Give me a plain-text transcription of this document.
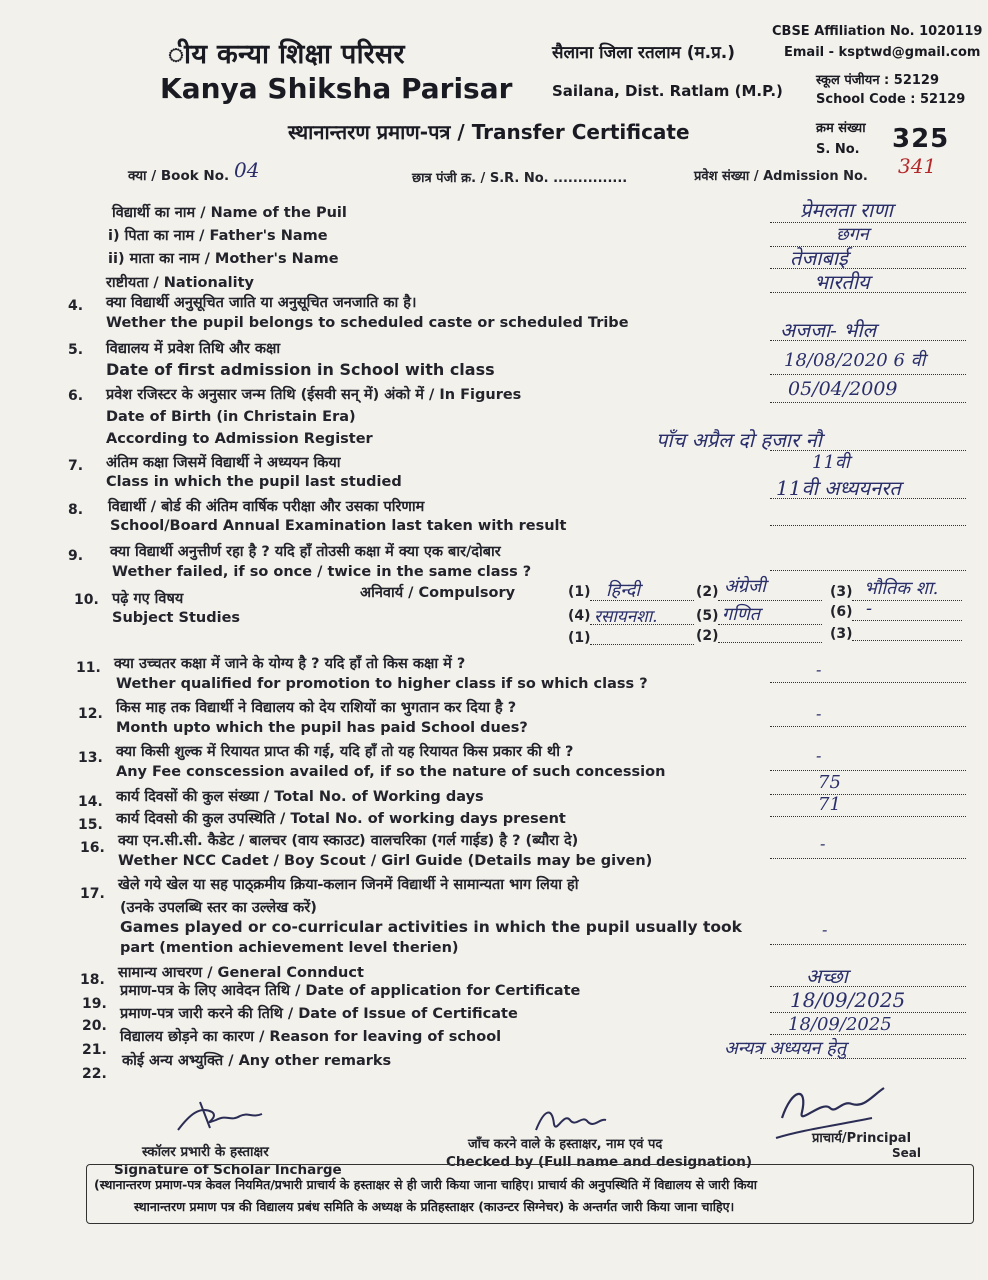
ीय कन्या शिक्षा परिसर	सैलाना जिला रतलाम (म.प्र.)
Kanya Shiksha Parisar	Sailana, Dist. Ratlam (M.P.)
CBSE Affiliation No. 1020119
Email - ksptwd@gmail.com
स्कूल पंजीयन : 52129
School Code : 52129
स्थानान्तरण प्रमाण-पत्र / Transfer Certificate	क्रम संख्या
S. No. 325
क्या / Book No. 04	छात्र पंजी क्र. / S.R. No. ...............	प्रवेश संख्या / Admission No. 341
विद्यार्थी का नाम / Name of the Puil	प्रेमलता राणा
i) पिता का नाम / Father's Name	छगन
ii) माता का नाम / Mother's Name	तेजाबाई
राष्टीयता / Nationality	भारतीय
4. क्या विद्यार्थी अनुसूचित जाति या अनुसूचित जनजाति का है।
Wether the pupil belongs to scheduled caste or scheduled Tribe	अजजा- भील
5. विद्यालय में प्रवेश तिथि और कक्षा
Date of first admission in School with class	18/08/2020 6 वी
6. प्रवेश रजिस्टर के अनुसार जन्म तिथि (ईसवी सन् में) अंको में / In Figures
Date of Birth (in Christain Era)
According to Admission Register
05/04/2009
पाँच अप्रैल दो हजार नौ
7. अंतिम कक्षा जिसमें विद्यार्थी ने अध्ययन किया
Class in which the pupil last studied
11वी
11वी अध्ययनरत
8. विद्यार्थी / बोर्ड की अंतिम वार्षिक परीक्षा और उसका परिणाम
School/Board Annual Examination last taken with result
9. क्या विद्यार्थी अनुत्तीर्ण रहा है ? यदि हाँ तोउसी कक्षा में क्या एक बार/दोबार
Wether failed, if so once / twice in the same class ?
10. पढ़े गए विषय
Subject Studies
अनिवार्य / Compulsory	(1) हिन्दी	(2) अंग्रेजी	(3) भौतिक शा.
(4) रसायनशा.	(5) गणित	(6) -
(1)	(2)	(3)
11. क्या उच्चतर कक्षा में जाने के योग्य है ? यदि हाँ तो किस कक्षा में ?
Wether qualified for promotion to higher class if so which class ?
-
12. किस माह तक विद्यार्थी ने विद्यालय को देय राशियों का भुगतान कर दिया है ?
Month upto which the pupil has paid School dues?
-
13. क्या किसी शुल्क में रियायत प्राप्त की गई, यदि हाँ तो यह रियायत किस प्रकार की थी ?
Any Fee conscession availed of, if so the nature of such concession
-
14. कार्य दिवसों की कुल संख्या / Total No. of Working days
75
15. कार्य दिवसो की कुल उपस्थिति / Total No. of working days present
71
16. क्या एन.सी.सी. कैडेट / बालचर (वाय स्काउट) वालचरिका (गर्ल गाईड) है ? (ब्यौरा दे)
Wether NCC Cadet / Boy Scout / Girl Guide (Details may be given)
-
17.
खेले गये खेल या सह पाठ्क्रमीय क्रिया-कलान जिनमें विद्यार्थी ने सामान्यता भाग लिया हो
(उनके उपलब्धि स्तर का उल्लेख करें)
Games played or co-curricular activities in which the pupil usually took
part (mention achievement level therien)
-
18. सामान्य आचरण / General Connduct	अच्छा
19.
प्रमाण-पत्र के लिए आवेदन तिथि / Date of application for Certificate	18/09/2025
20.
प्रमाण-पत्र जारी करने की तिथि / Date of Issue of Certificate	18/09/2025
21.
विद्यालय छोड़ने का कारण / Reason for leaving of school
अन्यत्र अध्ययन हेतु
22.
कोई अन्य अभ्युक्ति / Any other remarks
स्कॉलर प्रभारी के हस्ताक्षर
Signature of Scholar Incharge
जाँच करने वाले के हस्ताक्षर, नाम एवं पद
Checked by (Full name and designation)
प्राचार्य/Principal
Seal
(स्थानान्तरण प्रमाण-पत्र केवल नियमित/प्रभारी प्राचार्य के हस्ताक्षर से ही जारी किया जाना चाहिए। प्राचार्य की अनुपस्थिति में विद्यालय से जारी किया
स्थानान्तरण प्रमाण पत्र की विद्यालय प्रबंध समिति के अध्यक्ष के प्रतिहस्ताक्षर (काउन्टर सिग्नेचर) के अन्तर्गत जारी किया जाना चाहिए।
